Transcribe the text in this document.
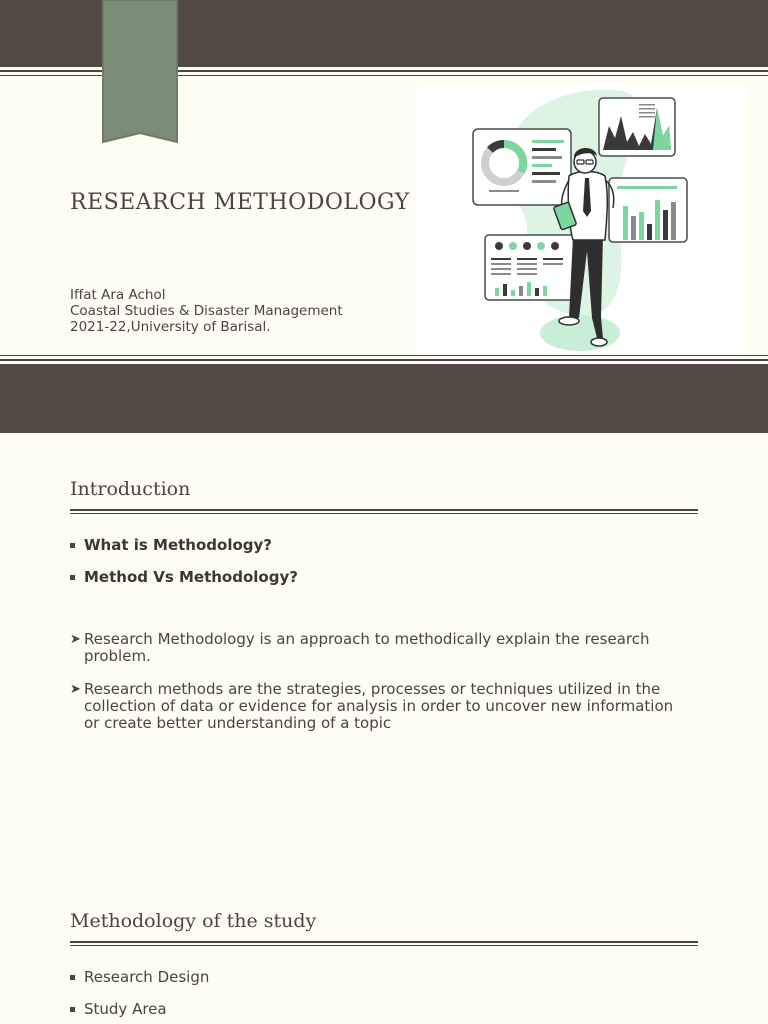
RESEARCH METHODOLOGY
Iffat Ara Achol
Coastal Studies & Disaster Management
2021-22,University of Barisal.
Introduction
What is Methodology?
Method Vs Methodology?
➤ Research Methodology is an approach to methodically explain the research problem.
➤ Research methods are the strategies, processes or techniques utilized in the collection of data or evidence for analysis in order to uncover new information or create better understanding of a topic
Methodology of the study
Research Design
Study Area
